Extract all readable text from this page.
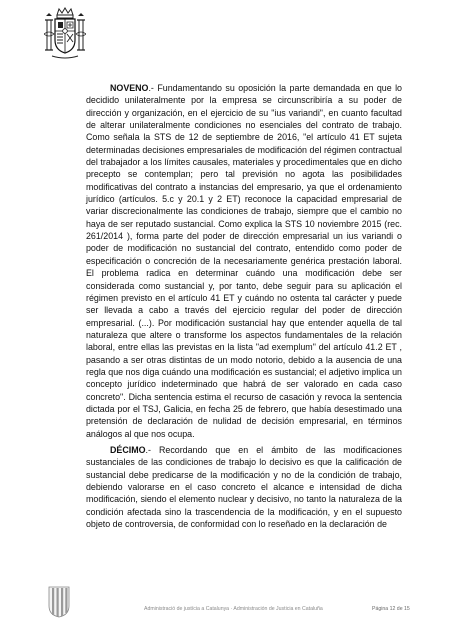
NOVENO.- Fundamentando su oposición la parte demandada en que lo decidido unilateralmente por la empresa se circunscribiría a su poder de dirección y organización, en el ejercicio de su "ius variandi", en cuanto facultad de alterar unilateralmente condiciones no esenciales del contrato de trabajo. Como señala la STS de 12 de septiembre de 2016, "el artículo 41 ET sujeta determinadas decisiones empresariales de modificación del régimen contractual del trabajador a los límites causales, materiales y procedimentales que en dicho precepto se contemplan; pero tal previsión no agota las posibilidades modificativas del contrato a instancias del empresario, ya que el ordenamiento jurídico (artículos. 5.c y 20.1 y 2 ET) reconoce la capacidad empresarial de variar discrecionalmente las condiciones de trabajo, siempre que el cambio no haya de ser reputado sustancial. Como explica la STS 10 noviembre 2015 (rec. 261/2014 ), forma parte del poder de dirección empresarial un ius variandi o poder de modificación no sustancial del contrato, entendido como poder de especificación o concreción de la necesariamente genérica prestación laboral. El problema radica en determinar cuándo una modificación debe ser considerada como sustancial y, por tanto, debe seguir para su aplicación el régimen previsto en el artículo 41 ET y cuándo no ostenta tal carácter y puede ser llevada a cabo a través del ejercicio regular del poder de dirección empresarial. (...). Por modificación sustancial hay que entender aquella de tal naturaleza que altere o transforme los aspectos fundamentales de la relación laboral, entre ellas las previstas en la lista "ad exemplum" del artículo 41.2 ET , pasando a ser otras distintas de un modo notorio, debido a la ausencia de una regla que nos diga cuándo una modificación es sustancial; el adjetivo implica un concepto jurídico indeterminado que habrá de ser valorado en cada caso concreto". Dicha sentencia estima el recurso de casación y revoca la sentencia dictada por el TSJ, Galicia, en fecha 25 de febrero, que había desestimado una pretensión de declaración de nulidad de decisión empresarial, en términos análogos al que nos ocupa.

DÉCIMO.- Recordando que en el ámbito de las modificaciones sustanciales de las condiciones de trabajo lo decisivo es que la calificación de sustancial debe predicarse de la modificación y no de la condición de trabajo, debiendo valorarse en el caso concreto el alcance e intensidad de dicha modificación, siendo el elemento nuclear y decisivo, no tanto la naturaleza de la condición afectada sino la trascendencia de la modificación, y en el supuesto objeto de controversia, de conformidad con lo reseñado en la declaración de

Administració de justícia a Catalunya · Administración de Justicia en Cataluña	Página 12 de 15
